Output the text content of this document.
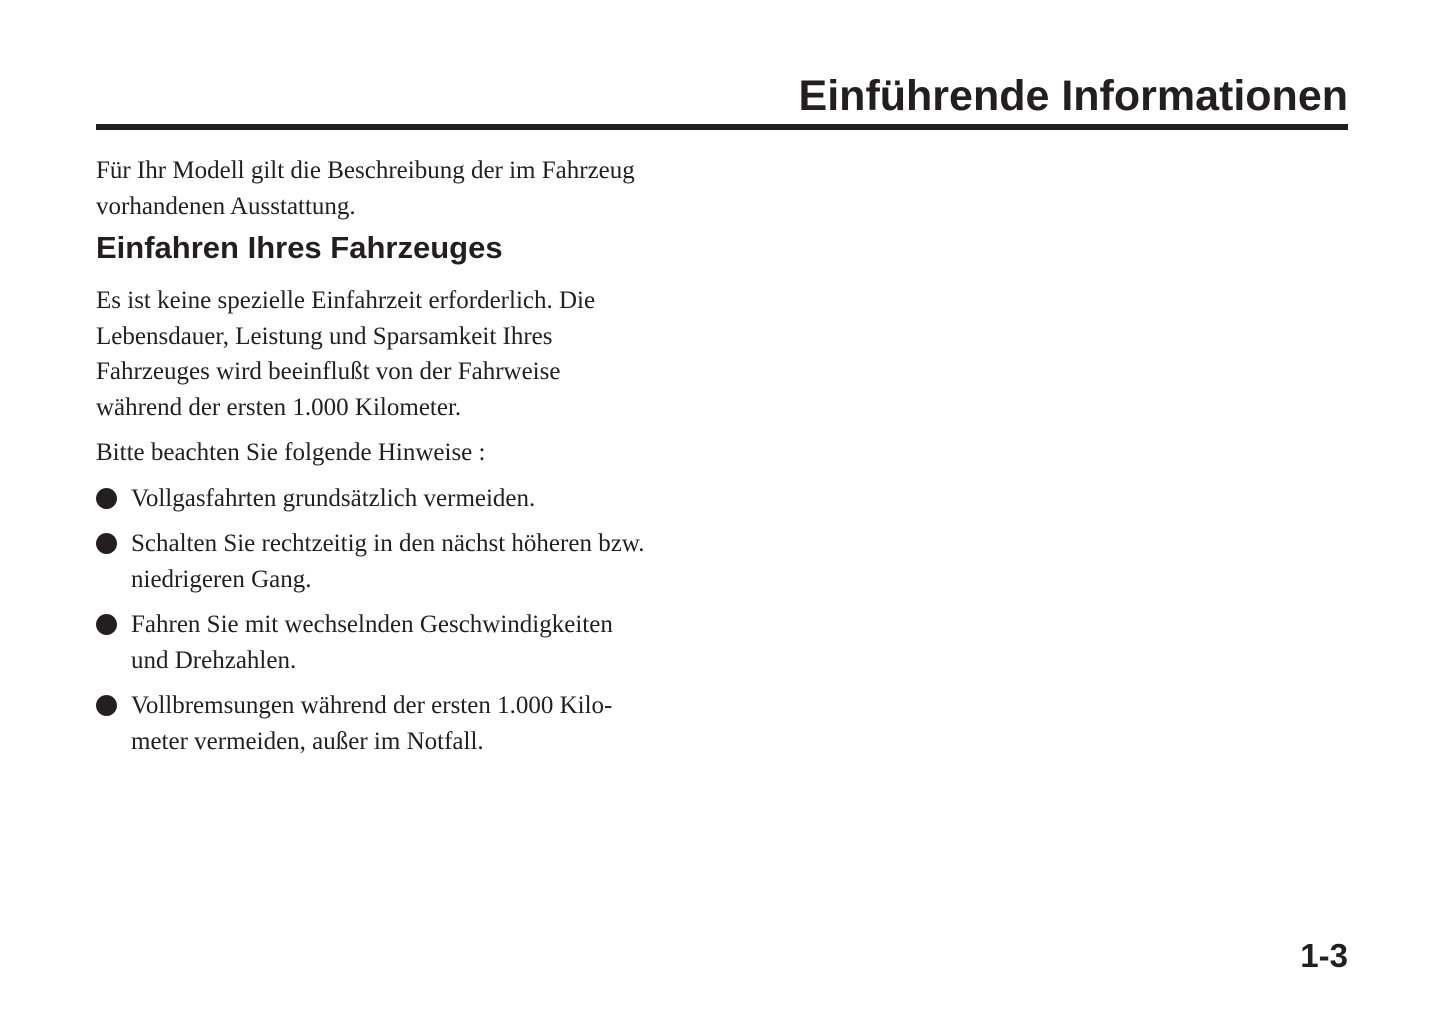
Einführende Informationen

Für Ihr Modell gilt die Beschreibung der im Fahrzeug
vorhandenen Ausstattung.

Einfahren Ihres Fahrzeuges

Es ist keine spezielle Einfahrzeit erforderlich. Die
Lebensdauer, Leistung und Sparsamkeit Ihres
Fahrzeuges wird beeinflußt von der Fahrweise
während der ersten 1.000 Kilometer.

Bitte beachten Sie folgende Hinweise :

Vollgasfahrten grundsätzlich vermeiden.
Schalten Sie rechtzeitig in den nächst höheren bzw.
niedrigeren Gang.
Fahren Sie mit wechselnden Geschwindigkeiten
und Drehzahlen.
Vollbremsungen während der ersten 1.000 Kilo-
meter vermeiden, außer im Notfall.

1-3
